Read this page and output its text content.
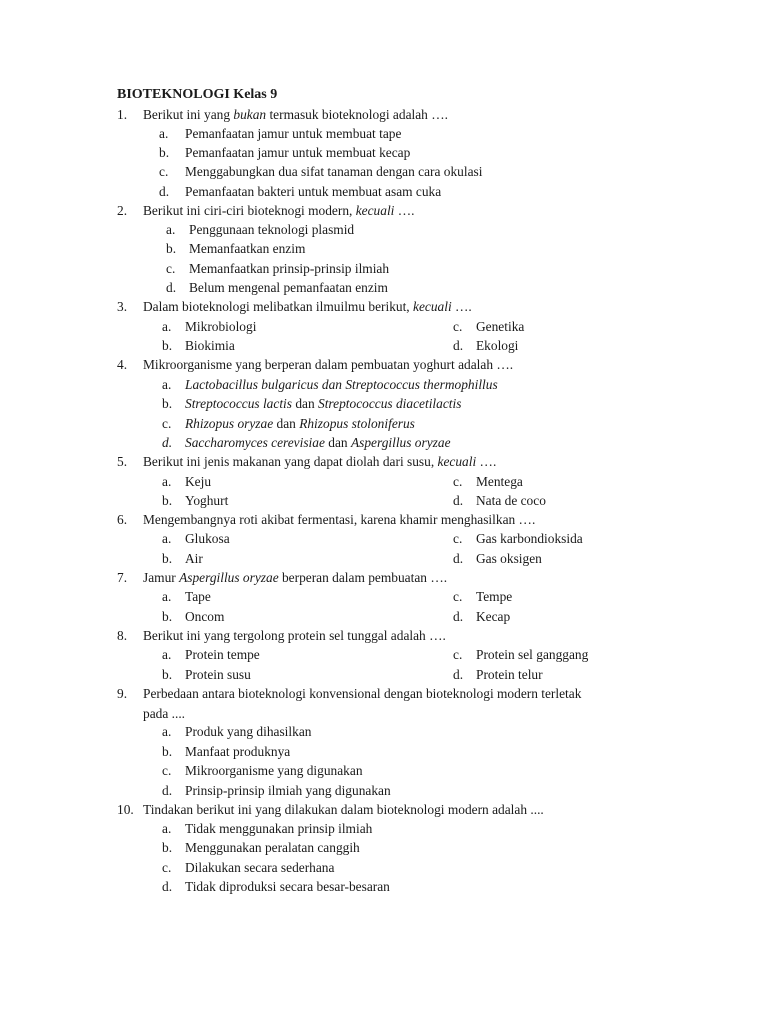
BIOTEKNOLOGI Kelas 9
1. Berikut ini yang bukan termasuk bioteknologi adalah ….
a. Pemanfaatan jamur untuk membuat tape
b. Pemanfaatan jamur untuk membuat kecap
c. Menggabungkan dua sifat tanaman dengan cara okulasi
d. Pemanfaatan bakteri untuk membuat asam cuka
2. Berikut ini ciri-ciri bioteknogi modern, kecuali ….
a. Penggunaan teknologi plasmid
b. Memanfaatkan enzim
c. Memanfaatkan prinsip-prinsip ilmiah
d. Belum mengenal pemanfaatan enzim
3. Dalam bioteknologi melibatkan ilmuilmu berikut, kecuali ….
a. Mikrobiologi	c. Genetika
b. Biokimia	d. Ekologi
4. Mikroorganisme yang berperan dalam pembuatan yoghurt adalah ….
a. Lactobacillus bulgaricus dan Streptococcus thermophillus
b. Streptococcus lactis dan Streptococcus diacetilactis
c. Rhizopus oryzae dan Rhizopus stoloniferus
d. Saccharomyces cerevisiae dan Aspergillus oryzae
5. Berikut ini jenis makanan yang dapat diolah dari susu, kecuali ….
a. Keju	c. Mentega
b. Yoghurt	d. Nata de coco
6. Mengembangnya roti akibat fermentasi, karena khamir menghasilkan ….
a. Glukosa	c. Gas karbondioksida
b. Air	d. Gas oksigen
7. Jamur Aspergillus oryzae berperan dalam pembuatan ….
a. Tape	c. Tempe
b. Oncom	d. Kecap
8. Berikut ini yang tergolong protein sel tunggal adalah ….
a. Protein tempe	c. Protein sel ganggang
b. Protein susu	d. Protein telur
9. Perbedaan antara bioteknologi konvensional dengan bioteknologi modern terletak
pada ....
a. Produk yang dihasilkan
b. Manfaat produknya
c. Mikroorganisme yang digunakan
d. Prinsip-prinsip ilmiah yang digunakan
10. Tindakan berikut ini yang dilakukan dalam bioteknologi modern adalah ....
a. Tidak menggunakan prinsip ilmiah
b. Menggunakan peralatan canggih
c. Dilakukan secara sederhana
d. Tidak diproduksi secara besar-besaran
